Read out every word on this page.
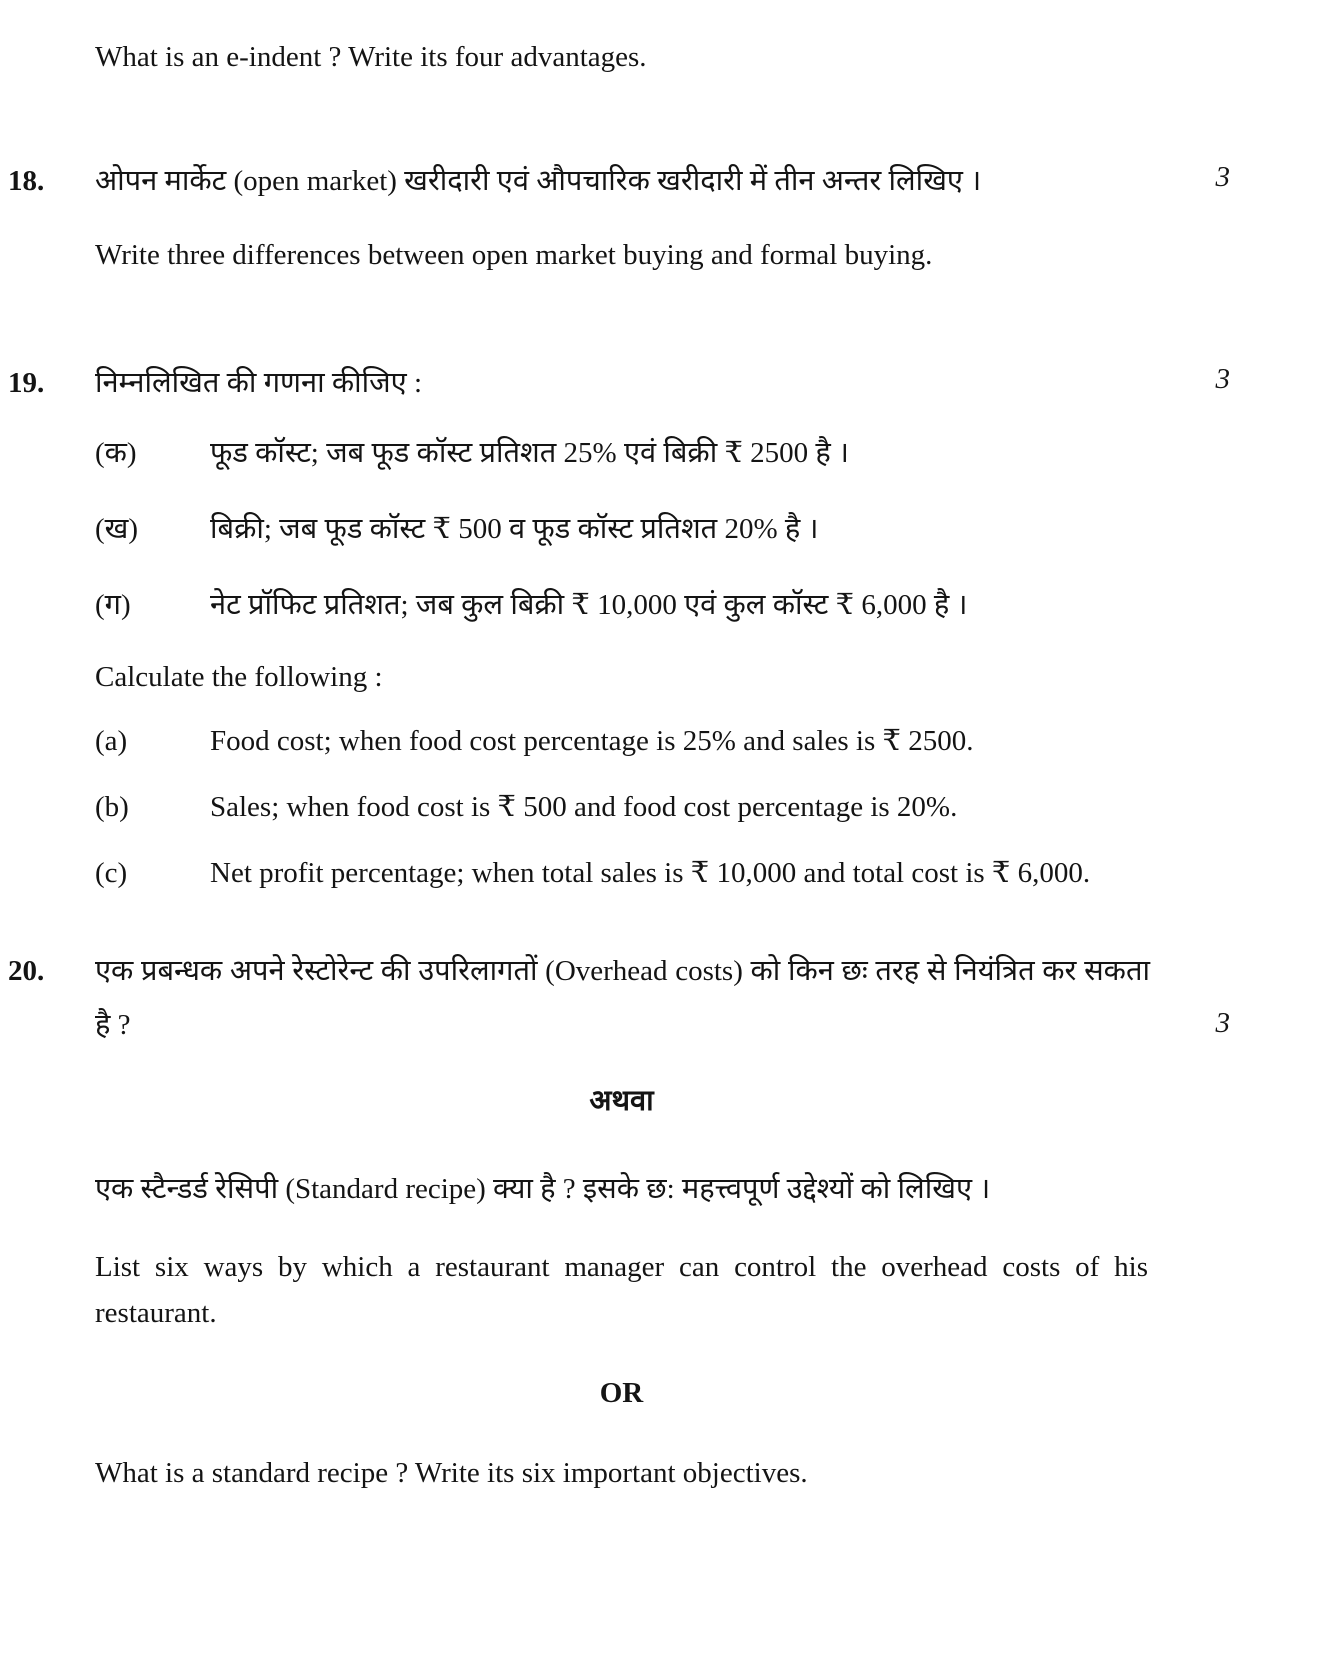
What is an e-indent ? Write its four advantages.

18.	ओपन मार्केट (open market) खरीदारी एवं औपचारिक खरीदारी में तीन अन्तर लिखिए ।	3

Write three differences between open market buying and formal buying.

19.	निम्नलिखित की गणना कीजिए :	3
(क)	फूड कॉस्ट; जब फूड कॉस्ट प्रतिशत 25% एवं बिक्री ₹ 2500 है ।
(ख)	बिक्री; जब फूड कॉस्ट ₹ 500 व फूड कॉस्ट प्रतिशत 20% है ।
(ग)	नेट प्रॉफिट प्रतिशत; जब कुल बिक्री ₹ 10,000 एवं कुल कॉस्ट ₹ 6,000 है ।

Calculate the following :

(a)	Food cost; when food cost percentage is 25% and sales is ₹ 2500.
(b)	Sales; when food cost is ₹ 500 and food cost percentage is 20%.
(c)	Net profit percentage; when total sales is ₹ 10,000 and total cost is ₹ 6,000.
20.	एक प्रबन्धक अपने रेस्टोरेन्ट की उपरिलागतों (Overhead costs) को किन छः तरह से नियंत्रित कर सकता है ?	3

अथवा

एक स्टैन्डर्ड रेसिपी (Standard recipe) क्या है ? इसके छ: महत्त्वपूर्ण उद्देश्यों को लिखिए ।

List six ways by which a restaurant manager can control the overhead costs of his restaurant.

OR

What is a standard recipe ? Write its six important objectives.
